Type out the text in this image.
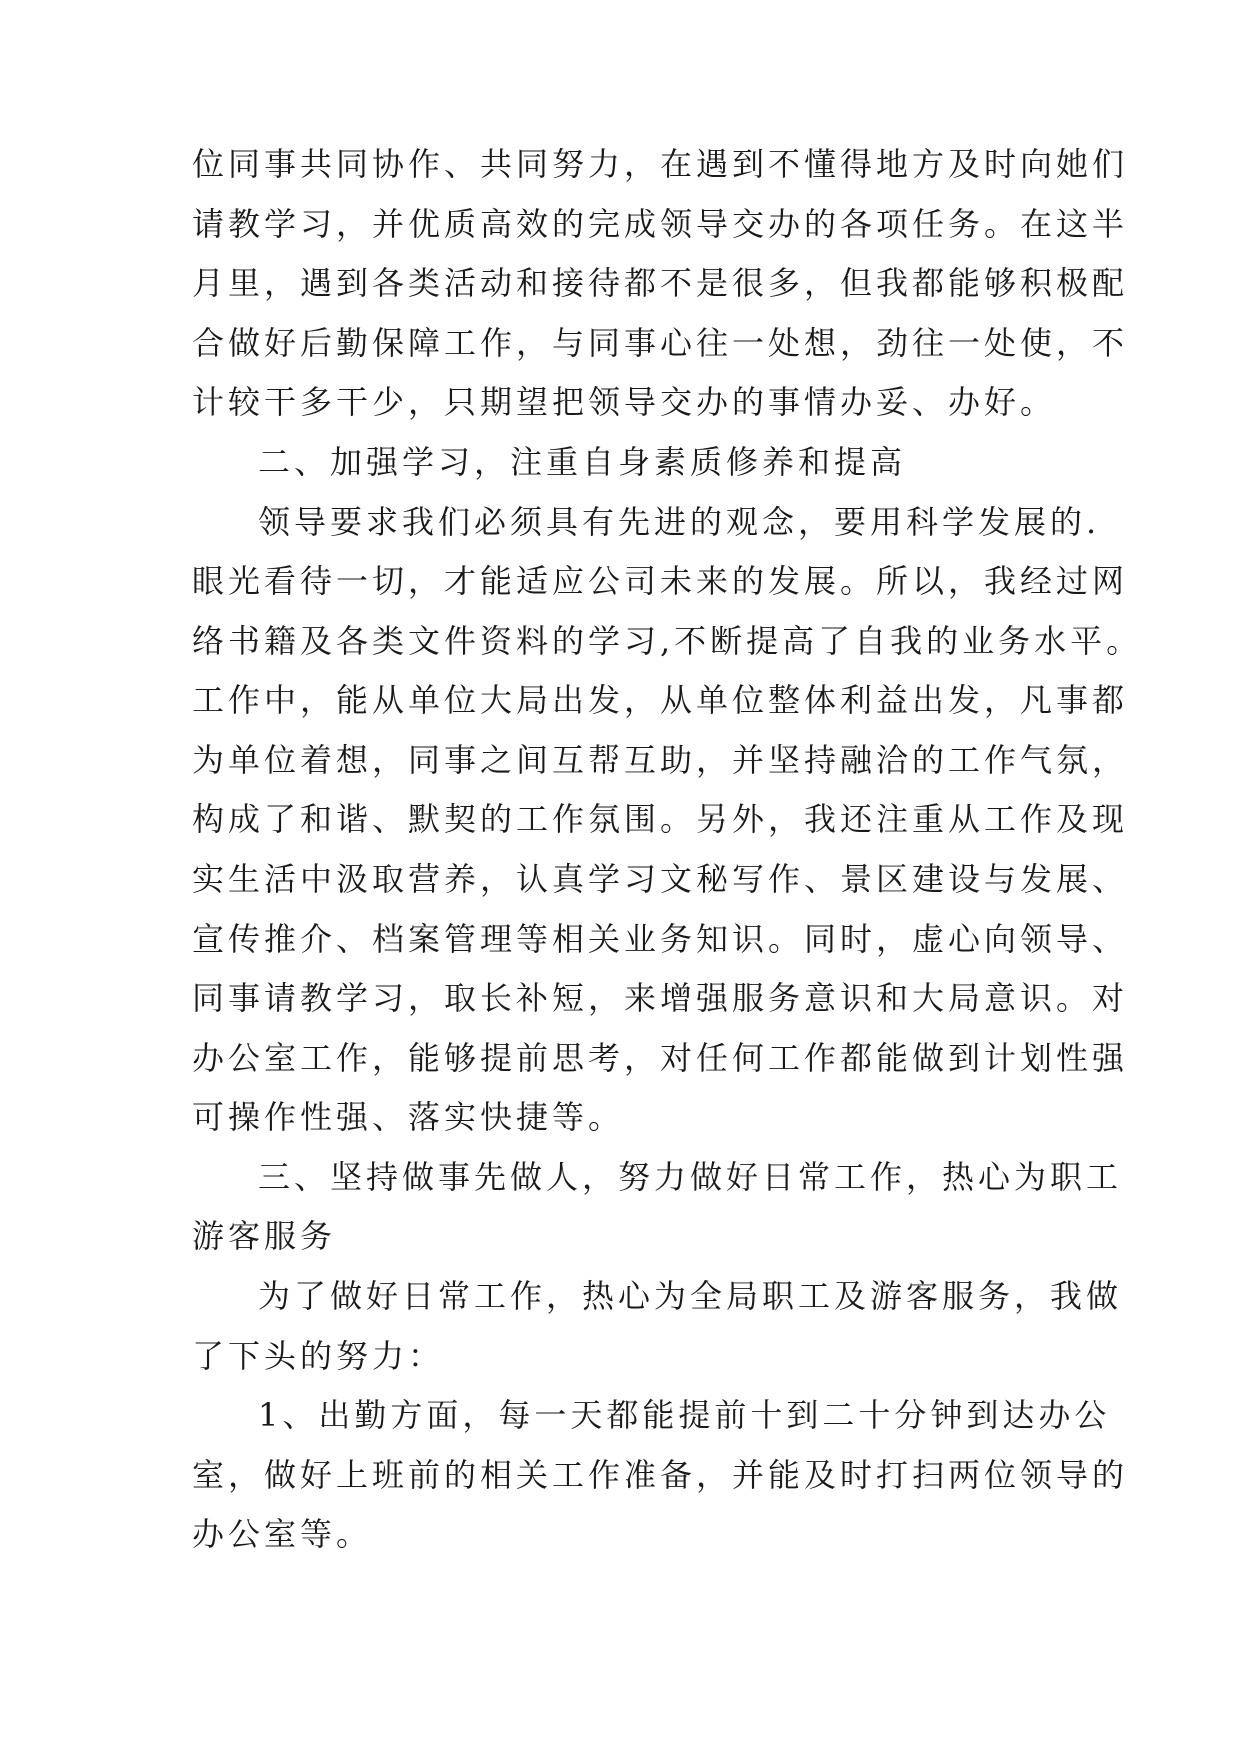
位同事共同协作、共同努力，在遇到不懂得地方及时向她们
请教学习，并优质高效的完成领导交办的各项任务。在这半
月里，遇到各类活动和接待都不是很多，但我都能够积极配
合做好后勤保障工作，与同事心往一处想，劲往一处使，不
计较干多干少，只期望把领导交办的事情办妥、办好。
二、加强学习，注重自身素质修养和提高
领导要求我们必须具有先进的观念，要用科学发展的.
眼光看待一切，才能适应公司未来的发展。所以，我经过网
络书籍及各类文件资料的学习,不断提高了自我的业务水平。
工作中，能从单位大局出发，从单位整体利益出发，凡事都
为单位着想，同事之间互帮互助，并坚持融洽的工作气氛，
构成了和谐、默契的工作氛围。另外，我还注重从工作及现
实生活中汲取营养，认真学习文秘写作、景区建设与发展、
宣传推介、档案管理等相关业务知识。同时，虚心向领导、
同事请教学习，取长补短，来增强服务意识和大局意识。对
办公室工作，能够提前思考，对任何工作都能做到计划性强
可操作性强、落实快捷等。
三、坚持做事先做人，努力做好日常工作，热心为职工
游客服务
为了做好日常工作，热心为全局职工及游客服务，我做
了下头的努力：
1、出勤方面，每一天都能提前十到二十分钟到达办公
室，做好上班前的相关工作准备，并能及时打扫两位领导的
办公室等。
